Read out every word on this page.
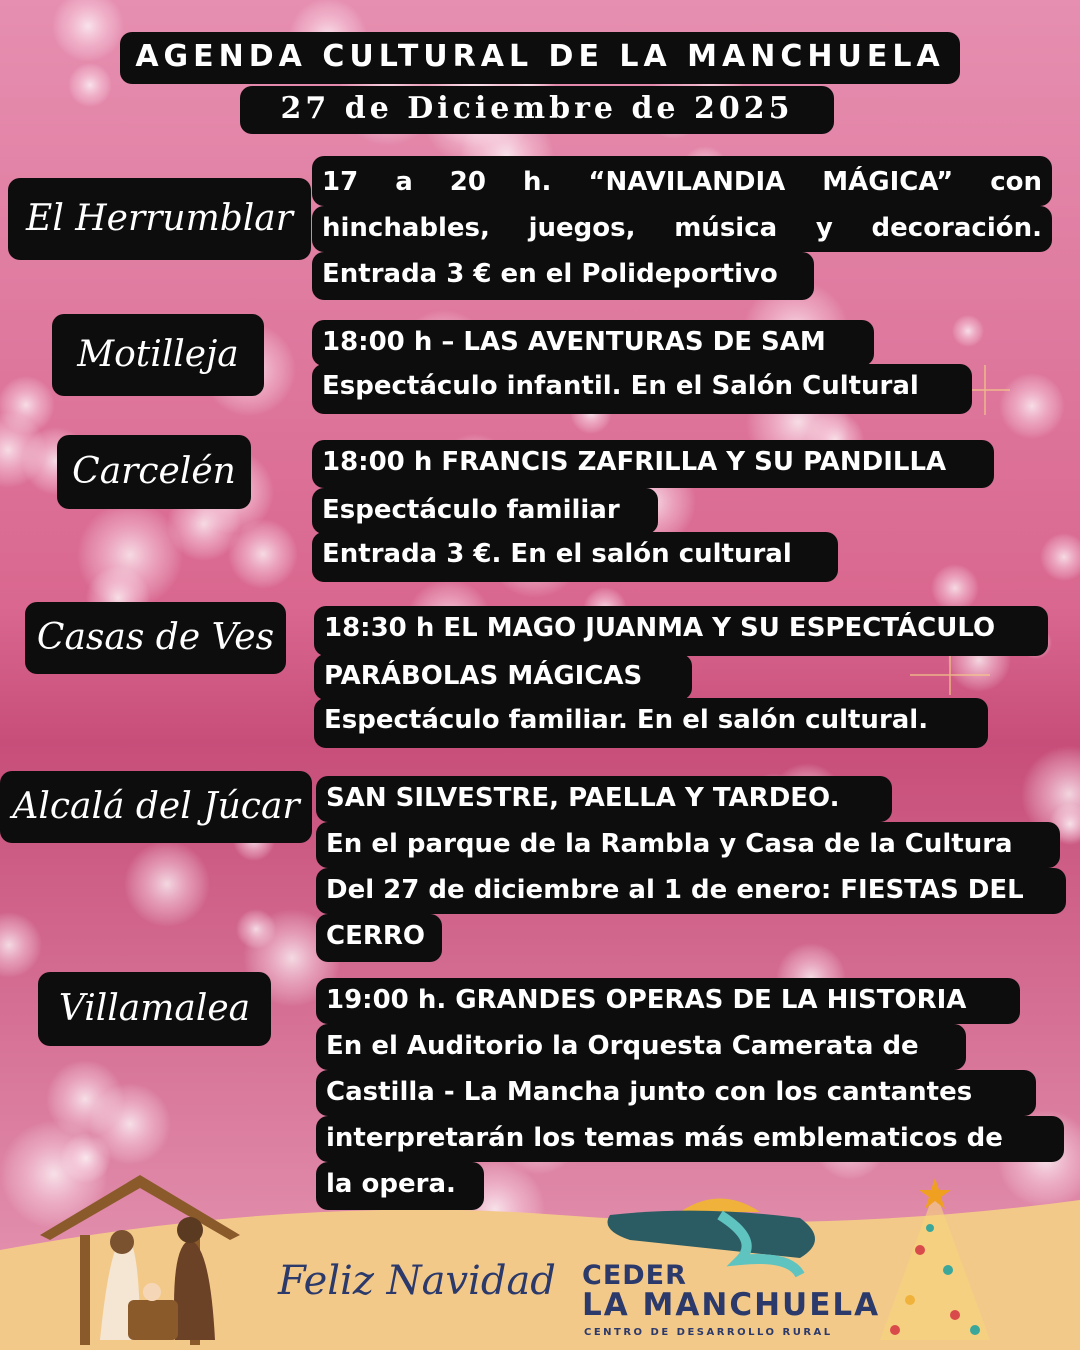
AGENDA CULTURAL DE LA MANCHUELA
27 de Diciembre de 2025
El Herrumblar
Motilleja
Carcelén
Casas de Ves
Alcalá del Júcar
Villamalea
17 a 20 h. “NAVILANDIA MÁGICA” con
hinchables, juegos, música y decoración.
Entrada 3 € en el Polideportivo
18:00 h – LAS AVENTURAS DE SAM
Espectáculo infantil. En el Salón Cultural
18:00 h FRANCIS ZAFRILLA Y SU PANDILLA
Espectáculo familiar
Entrada 3 €. En el salón cultural
18:30 h EL MAGO JUANMA Y SU ESPECTÁCULO
PARÁBOLAS MÁGICAS
Espectáculo familiar. En el salón cultural.
SAN SILVESTRE, PAELLA Y TARDEO.
En el parque de la Rambla y Casa de la Cultura
Del 27 de diciembre al 1 de enero: FIESTAS DEL
CERRO
19:00 h. GRANDES OPERAS DE LA HISTORIA
En el Auditorio la Orquesta Camerata de
Castilla - La Mancha junto con los cantantes
interpretarán los temas más emblematicos de
la opera.
Feliz Navidad CEDER
LA MANCHUELA
CENTRO DE DESARROLLO RURAL
